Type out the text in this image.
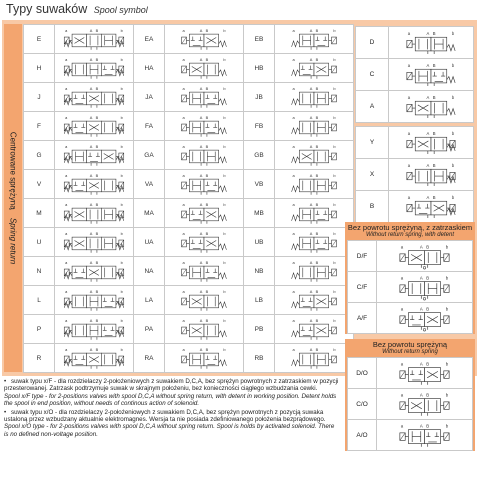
Typy suwaków Spool symbol
Centrowane sprężyną Spring return
E	a A B b	EA	a A B b	EB	a A B b

H	a A B b	HA	a A B b	HB	a A B b

J	a A B b	JA	a A B b	JB	a A B b

F	a A B b	FA	a A B b	FB	a A B b

G	a A B b	GA	a A B b	GB	a A B b

V	a A B b	VA	a A B b	VB	a A B b

M	a A B b	MA	a A B b	MB	a A B b

U	a A B b	UA	a A B b	UB	a A B b

N	a A B b	NA	a A B b	NB	a A B b

L	a A B b	LA	a A B b	LB	a A B b

P	a A B b	PA	a A B b	PB	a A B b

R	a A B b	RA	a A B b	RB	a A B b
D	a A B b

C	a A B b

A	a A B b
Y	a A B b

X	a A B b

B	a A B b
Bez powrotu sprężyną, z zatrzaskiem
Without return spring, with detent
D/F	a A B b

C/F	a A B b

A/F	a A B b
Bez powrotu sprężyną
Without return spring
D/O	a A B b

C/O	a A B b

A/O	a A B b
• suwak typu x/F - dla rozdzielaczy 2-położeniowych z suwakiem D,C,A, bez sprężyn powrotnych z zatrzaskiem w pozycji przesterowanej. Zatrzask podtrzymuje suwak w skrajnym położeniu, bez konieczności ciągłego wzbudzania cewki.
Spool x/F type - for 2-positions valves with spool D,C,A without spring return, with detent in working position. Detent holds the spool in end position, without needs of continous action of solenoid.
• suwak typu x/O - dla rozdzielaczy 2-położeniowych z suwakiem D,C,A, bez sprężyn powrotnych z pozycją suwaka ustaloną przez wzbudzany aktualnie elektromagnes. Wersja ta nie posiada zdefiniowanego położenia bezprądowego.
Spool x/O type - for 2-positions valves with spool D,C,A without spring return. Spool is holds by activated solenoid. There is no defined non-voltage position.
